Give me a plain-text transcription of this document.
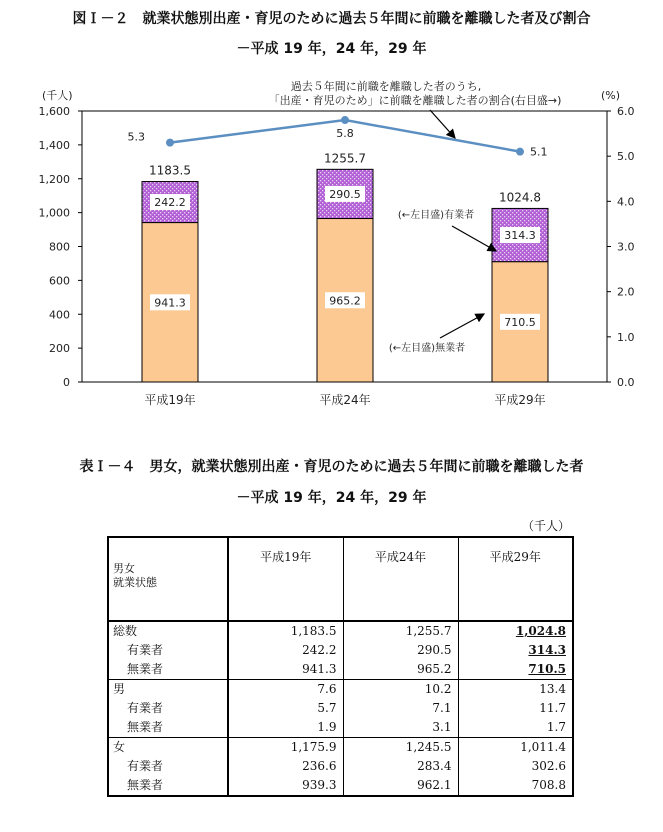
図Ｉ－２　就業状態別出産・育児のために過去５年間に前職を離職した者及び割合
－平成 19 年，24 年，29 年
0
200
400
600
800
1,000
1,200
1,400
1,600
(千人)
0.0
1.0
2.0
3.0
4.0
5.0
6.0
(%)
941.3
242.2
1183.5
平成19年
965.2
290.5
1255.7
平成24年
710.5
314.3
1024.8
平成29年
5.3	5.8
5.1
過去５年間に前職を離職した者のうち,
「出産・育児のため」に前職を離職した者の割合(右目盛→)
(←左目盛)有業者
(←左目盛)無業者
表Ｉ－４　男女，就業状態別出産・育児のために過去５年間に前職を離職した者
－平成 19 年，24 年，29 年
（千人）
男女
就業状態	平成19年	平成24年	平成29年
総数	1,183.5	1,255.7	1,024.8
有業者	242.2	290.5	314.3
無業者	941.3	965.2	710.5
男	7.6	10.2	13.4
有業者	5.7	7.1	11.7
無業者	1.9	3.1	1.7
女	1,175.9	1,245.5	1,011.4
有業者	236.6	283.4	302.6
無業者	939.3	962.1	708.8
